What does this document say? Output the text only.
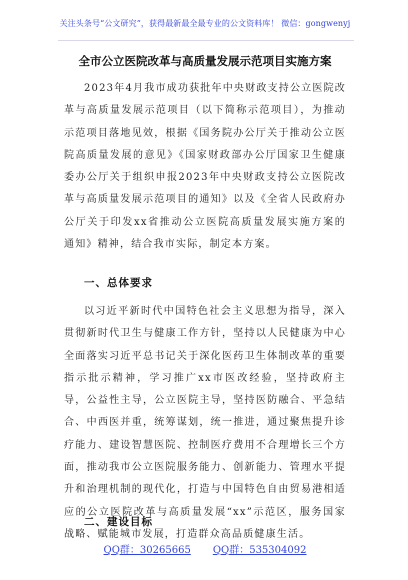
关注头条号“公文研究”，获得最新最全最专业的公文资料库！ 微信：gongwenyj
全市公立医院改革与高质量发展示范项目实施方案

2023年4月我市成功获批年中央财政支持公立医院改革与高质量发展示范项目（以下简称示范项目），为推动示范项目落地见效，根据《国务院办公厅关于推动公立医院高质量发展的意见》《国家财政部办公厅国家卫生健康委办公厅关于组织申报2023年中央财政支持公立医院改革与高质量发展示范项目的通知》以及《全省人民政府办公厅关于印发xx省推动公立医院高质量发展实施方案的通知》精神，结合我市实际，制定本方案。

一、总体要求

以习近平新时代中国特色社会主义思想为指导，深入贯彻新时代卫生与健康工作方针，坚持以人民健康为中心全面落实习近平总书记关于深化医药卫生体制改革的重要指示批示精神，学习推广xx市医改经验，坚持政府主导，公益性主导，公立医院主导，坚持医防融合、平急结合、中西医并重，统筹谋划，统一推进，通过聚焦提升诊疗能力、建设智慧医院、控制医疗费用不合理增长三个方面，推动我市公立医院服务能力、创新能力、管理水平提升和治理机制的现代化，打造与中国特色自由贸易港相适应的公立医院改革与高质量发展“xx”示范区，服务国家战略、赋能城市发展，打造群众高品质健康生活。

二、建设目标
QQ群：30265665 QQ群：535304092
